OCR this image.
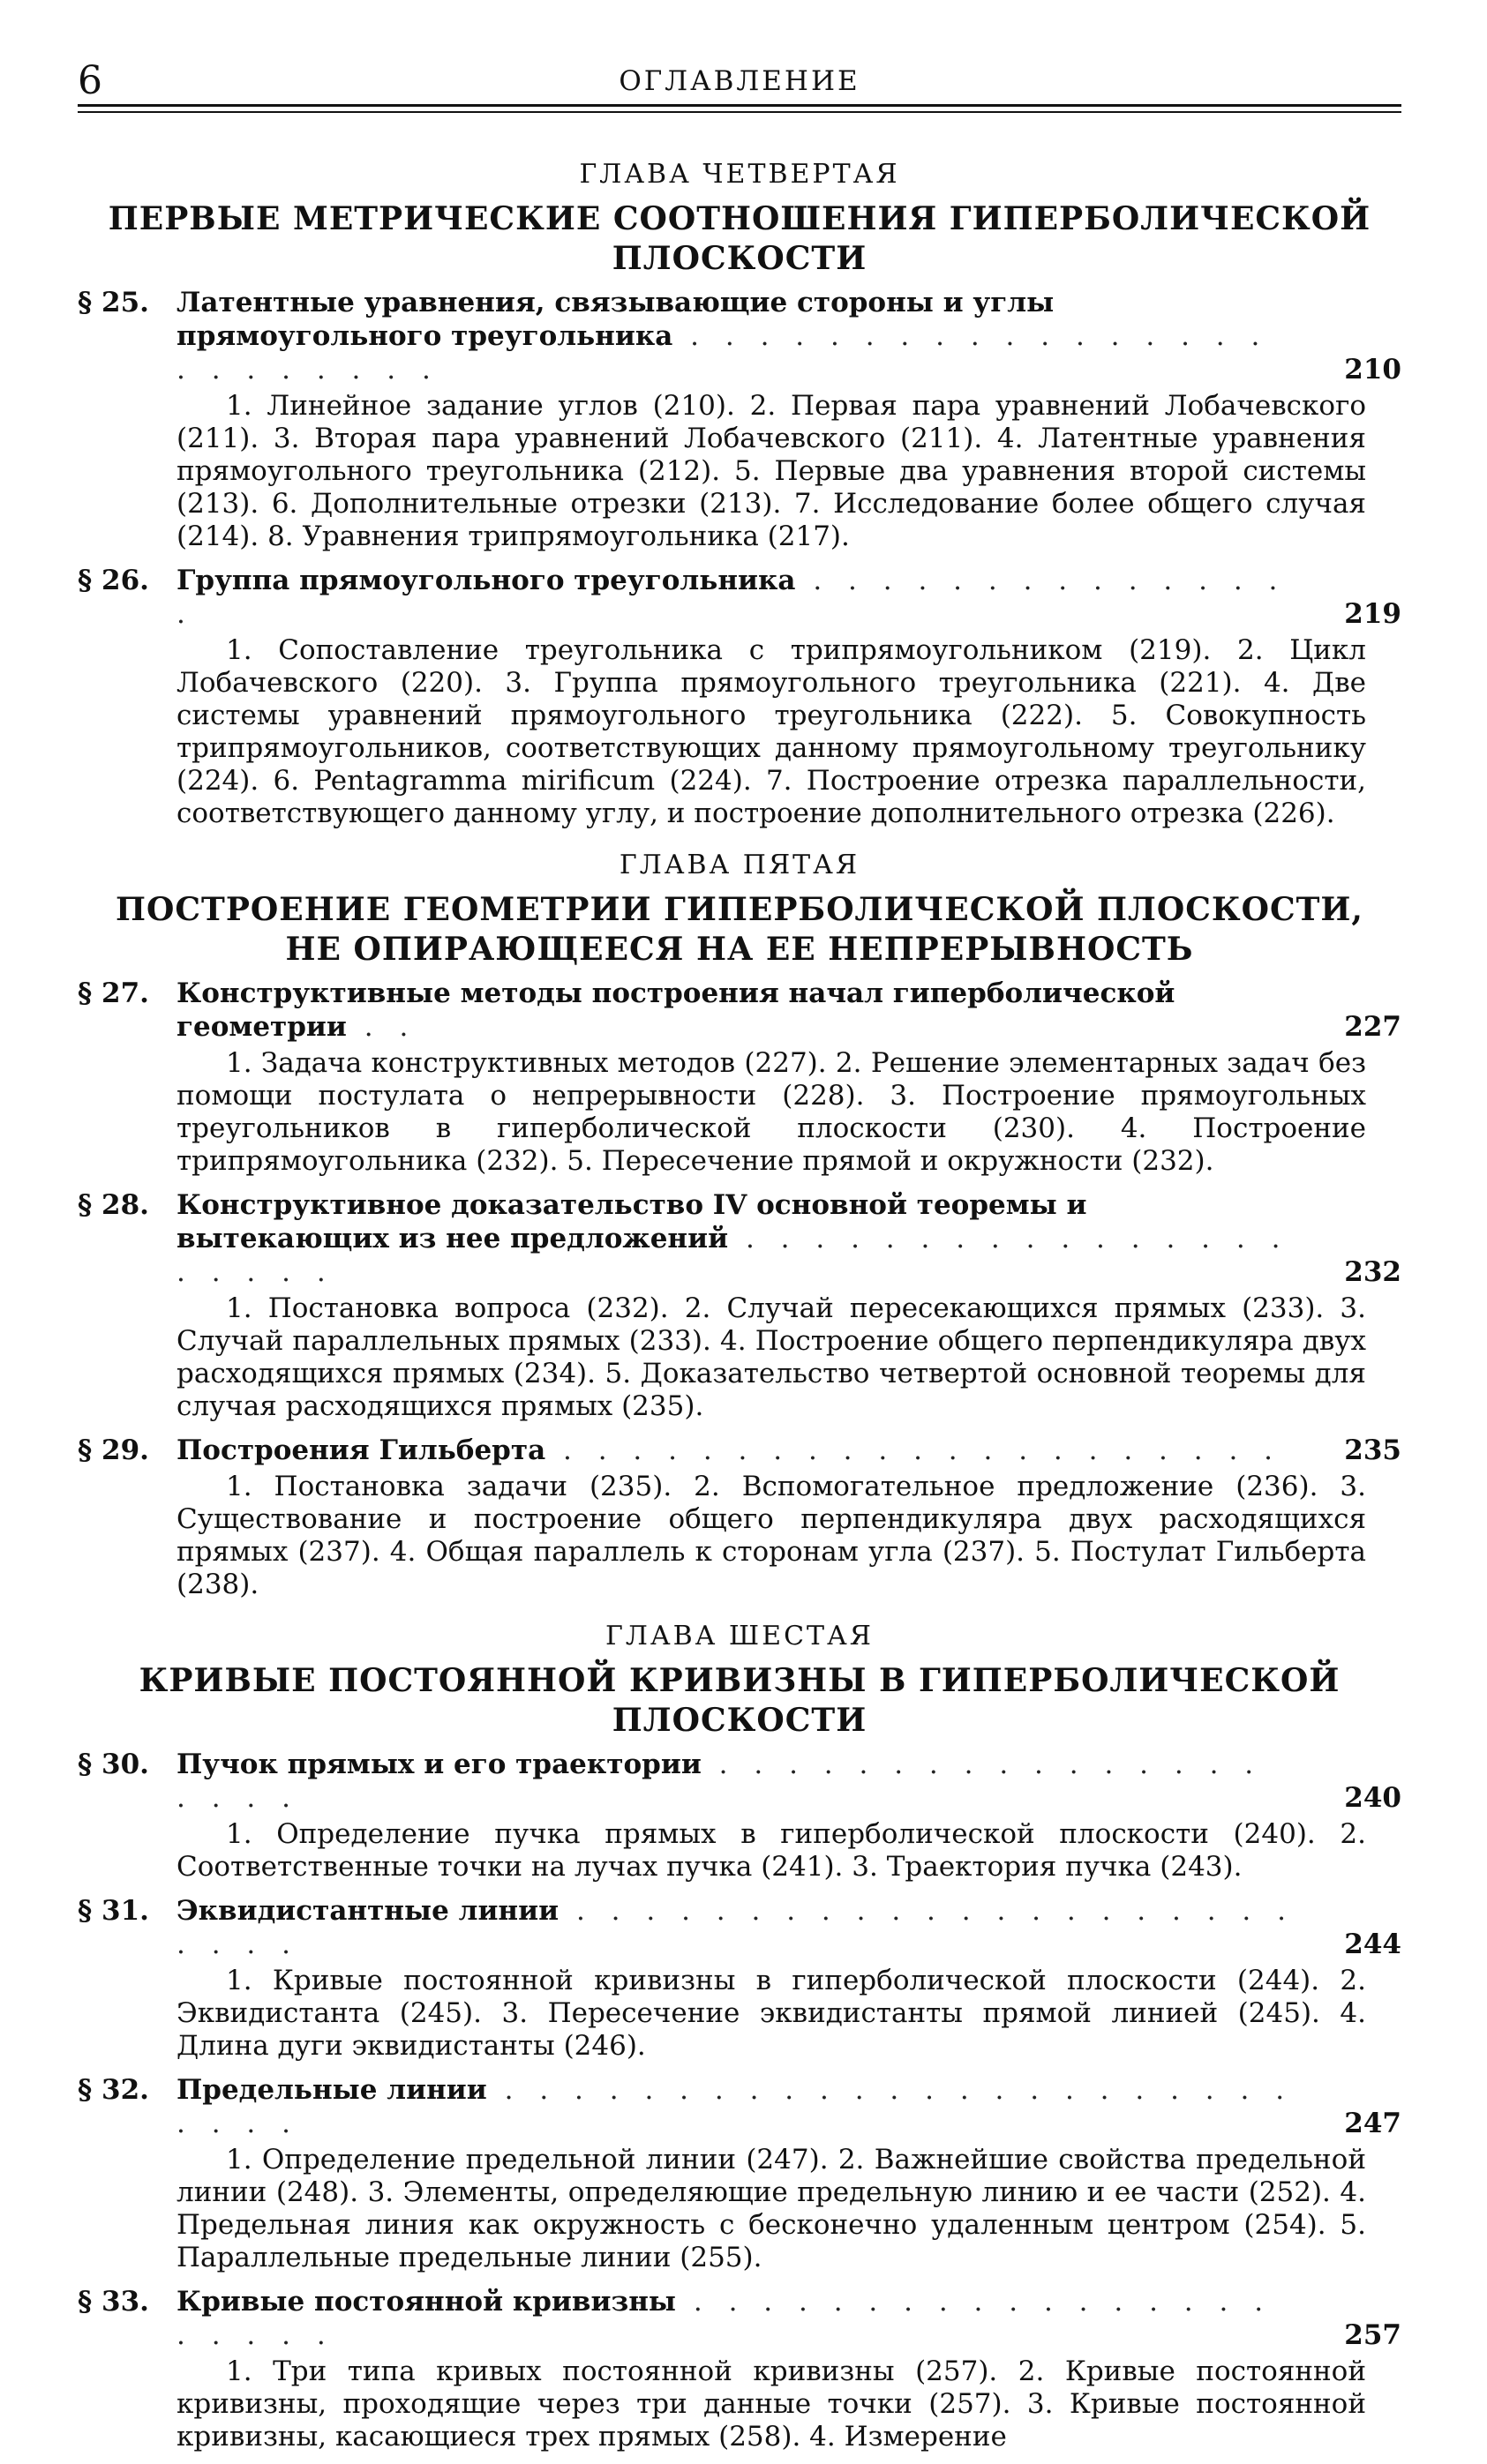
6	ОГЛАВЛЕНИЕ
ГЛАВА ЧЕТВЕРТАЯ
ПЕРВЫЕ МЕТРИЧЕСКИЕ СООТНОШЕНИЯ ГИПЕРБОЛИЧЕСКОЙ ПЛОСКОСТИ
§ 25. Латентные уравнения, связывающие стороны и углы прямоугольного треугольника . . . . . . . . . . . . . . . . . . . . . . . . .	210
1. Линейное задание углов (210). 2. Первая пара уравнений Лобачевского (211). 3. Вторая пара уравнений Лобачевского (211). 4. Латентные уравнения прямоугольного треугольника (212). 5. Первые два уравнения второй системы (213). 6. Дополнительные отрезки (213). 7. Исследование более общего случая (214). 8. Уравнения трипрямоугольника (217).
§ 26. Группа прямоугольного треугольника . . . . . . . . . . . . . . .	219
1. Сопоставление треугольника с трипрямоугольником (219). 2. Цикл Лобачевского (220). 3. Группа прямоугольного треугольника (221). 4. Две системы уравнений прямоугольного треугольника (222). 5. Совокупность трипрямоугольников, соответствующих данному прямоугольному треугольнику (224). 6. Pentagramma mirificum (224). 7. Построение отрезка параллельности, соответствующего данному углу, и построение дополнительного отрезка (226).
ГЛАВА ПЯТАЯ
ПОСТРОЕНИЕ ГЕОМЕТРИИ ГИПЕРБОЛИЧЕСКОЙ ПЛОСКОСТИ, НЕ ОПИРАЮЩЕЕСЯ НА ЕЕ НЕПРЕРЫВНОСТЬ
§ 27. Конструктивные методы построения начал гиперболической геометрии . .	227
1. Задача конструктивных методов (227). 2. Решение элементарных задач без помощи постулата о непрерывности (228). 3. Построение прямоугольных треугольников в гиперболической плоскости (230). 4. Построение трипрямоугольника (232). 5. Пересечение прямой и окружности (232).
§ 28. Конструктивное доказательство IV основной теоремы и вытекающих из нее предложений . . . . . . . . . . . . . . . . . . . . .	232
1. Постановка вопроса (232). 2. Случай пересекающихся прямых (233). 3. Случай параллельных прямых (233). 4. Построение общего перпендикуляра двух расходящихся прямых (234). 5. Доказательство четвертой основной теоремы для случая расходящихся прямых (235).
§ 29. Построения Гильберта . . . . . . . . . . . . . . . . . . . . .	235
1. Постановка задачи (235). 2. Вспомогательное предложение (236). 3. Существование и построение общего перпендикуляра двух расходящихся прямых (237). 4. Общая параллель к сторонам угла (237). 5. Постулат Гильберта (238).
ГЛАВА ШЕСТАЯ
КРИВЫЕ ПОСТОЯННОЙ КРИВИЗНЫ В ГИПЕРБОЛИЧЕСКОЙ ПЛОСКОСТИ
§ 30. Пучок прямых и его траектории . . . . . . . . . . . . . . . . . . . .	240
1. Определение пучка прямых в гиперболической плоскости (240). 2. Соответственные точки на лучах пучка (241). 3. Траектория пучка (243).
§ 31. Эквидистантные линии . . . . . . . . . . . . . . . . . . . . . . . . .	244
1. Кривые постоянной кривизны в гиперболической плоскости (244). 2. Эквидистанта (245). 3. Пересечение эквидистанты прямой линией (245). 4. Длина дуги эквидистанты (246).
§ 32. Предельные линии . . . . . . . . . . . . . . . . . . . . . . . . . . .	247
1. Определение предельной линии (247). 2. Важнейшие свойства предельной линии (248). 3. Элементы, определяющие предельную линию и ее части (252). 4. Предельная линия как окружность с бесконечно удаленным центром (254). 5. Параллельные предельные линии (255).
§ 33. Кривые постоянной кривизны . . . . . . . . . . . . . . . . . . . . . .	257
1. Три типа кривых постоянной кривизны (257). 2. Кривые постоянной кривизны, проходящие через три данные точки (257). 3. Кривые постоянной кривизны, касающиеся трех прямых (258). 4. Измерение
